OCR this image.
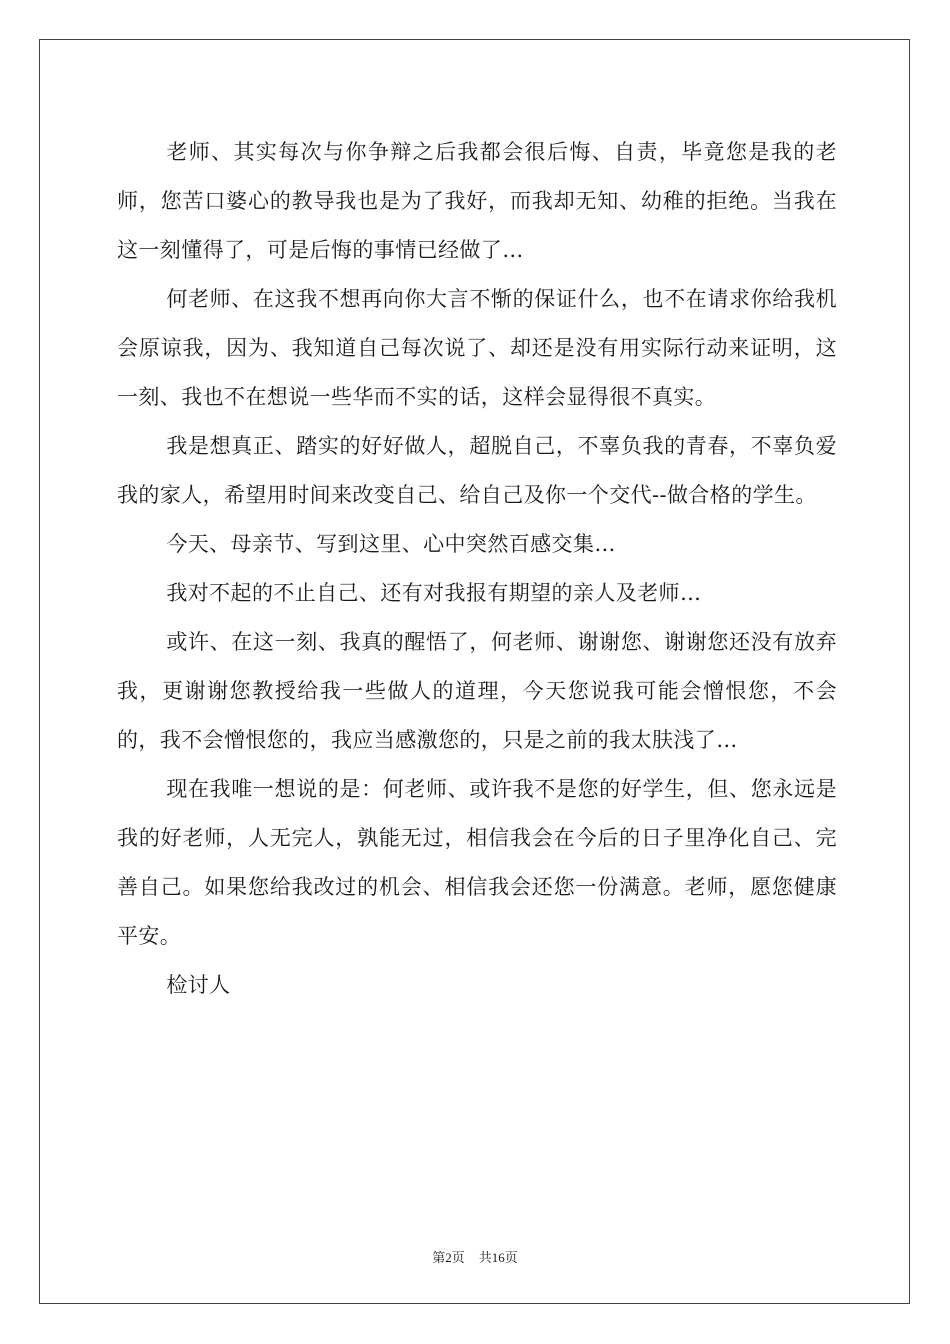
老师、其实每次与你争辩之后我都会很后悔、自责，毕竟您是我的老师，您苦口婆心的教导我也是为了我好，而我却无知、幼稚的拒绝。当我在这一刻懂得了，可是后悔的事情已经做了…

何老师、在这我不想再向你大言不惭的保证什么，也不在请求你给我机会原谅我，因为、我知道自己每次说了、却还是没有用实际行动来证明，这一刻、我也不在想说一些华而不实的话，这样会显得很不真实。

我是想真正、踏实的好好做人，超脱自己，不辜负我的青春，不辜负爱我的家人，希望用时间来改变自己、给自己及你一个交代--做合格的学生。

今天、母亲节、写到这里、心中突然百感交集…

我对不起的不止自己、还有对我报有期望的亲人及老师…

或许、在这一刻、我真的醒悟了，何老师、谢谢您、谢谢您还没有放弃我，更谢谢您教授给我一些做人的道理，今天您说我可能会憎恨您，不会的，我不会憎恨您的，我应当感激您的，只是之前的我太肤浅了…

现在我唯一想说的是：何老师、或许我不是您的好学生，但、您永远是我的好老师，人无完人，孰能无过，相信我会在今后的日子里净化自己、完善自己。如果您给我改过的机会、相信我会还您一份满意。老师，愿您健康平安。

检讨人

第2页 共16页
